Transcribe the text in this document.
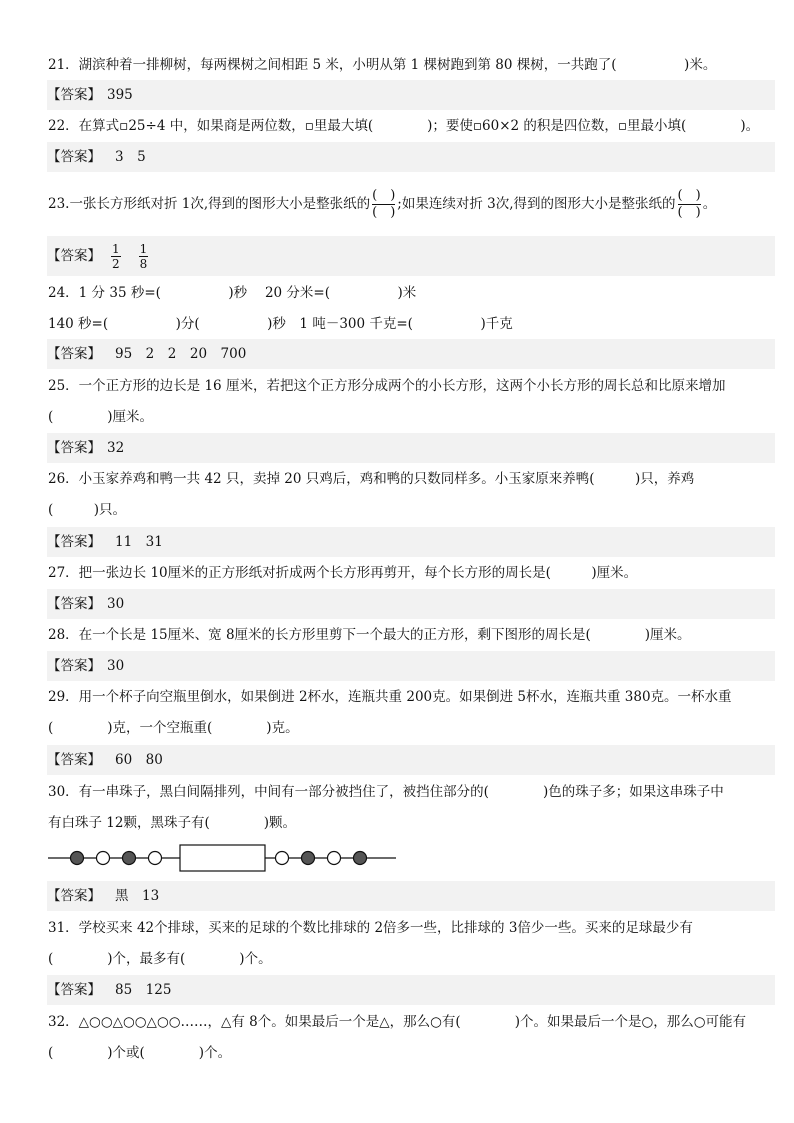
21．湖滨种着一排柳树，每两棵树之间相距 5 米，小明从第 1 棵树跑到第 80 棵树，一共跑了(　　　　　)米。
【答案】 395
22．在算式▫25÷4 中，如果商是两位数，▫里最大填(　　　　)；要使▫60×2 的积是四位数，▫里最小填(　　　　)。
【答案】 3　5
23.一张长方形纸对折 1次,得到的图形大小是整张纸的 $\frac{( )}{( )}$ ;如果连续对折 3次,得到的图形大小是整张纸的 $\frac{( )}{( )}$ 。
【答案】 $\frac{1}{2} \frac{1}{8}$
24．1 分 35 秒=(　　　　　)秒　 20 分米=(　　　　　)米
140 秒=(　　　　　)分(　　　　　)秒　1 吨－300 千克=(　　　　　)千克
【答案】 95　2　2　20　700
25．一个正方形的边长是 16 厘米，若把这个正方形分成两个的小长方形，这两个小长方形的周长总和比原来增加
(　　　　)厘米。
【答案】 32
26．小玉家养鸡和鸭一共 42 只，卖掉 20 只鸡后，鸡和鸭的只数同样多。小玉家原来养鸭(　　　)只，养鸡
(　　　)只。
【答案】 11　31
27．把一张边长 10厘米的正方形纸对折成两个长方形再剪开，每个长方形的周长是(　　　)厘米。
【答案】 30
28．在一个长是 15厘米、宽 8厘米的长方形里剪下一个最大的正方形，剩下图形的周长是(　　　　)厘米。
【答案】 30
29．用一个杯子向空瓶里倒水，如果倒进 2杯水，连瓶共重 200克。如果倒进 5杯水，连瓶共重 380克。一杯水重
(　　　　)克，一个空瓶重(　　　　)克。
【答案】 60　80
30．有一串珠子，黑白间隔排列，中间有一部分被挡住了，被挡住部分的(　　　　)色的珠子多；如果这串珠子中
有白珠子 12颗，黑珠子有(　　　　)颗。
【答案】 黑　13
31．学校买来 42个排球，买来的足球的个数比排球的 2倍多一些，比排球的 3倍少一些。买来的足球最少有
(　　　　)个，最多有(　　　　)个。
【答案】 85　125
32．△○○△○○△○○……，△有 8个。如果最后一个是△，那么○有(　　　　)个。如果最后一个是○，那么○可能有
(　　　　)个或(　　　　)个。
